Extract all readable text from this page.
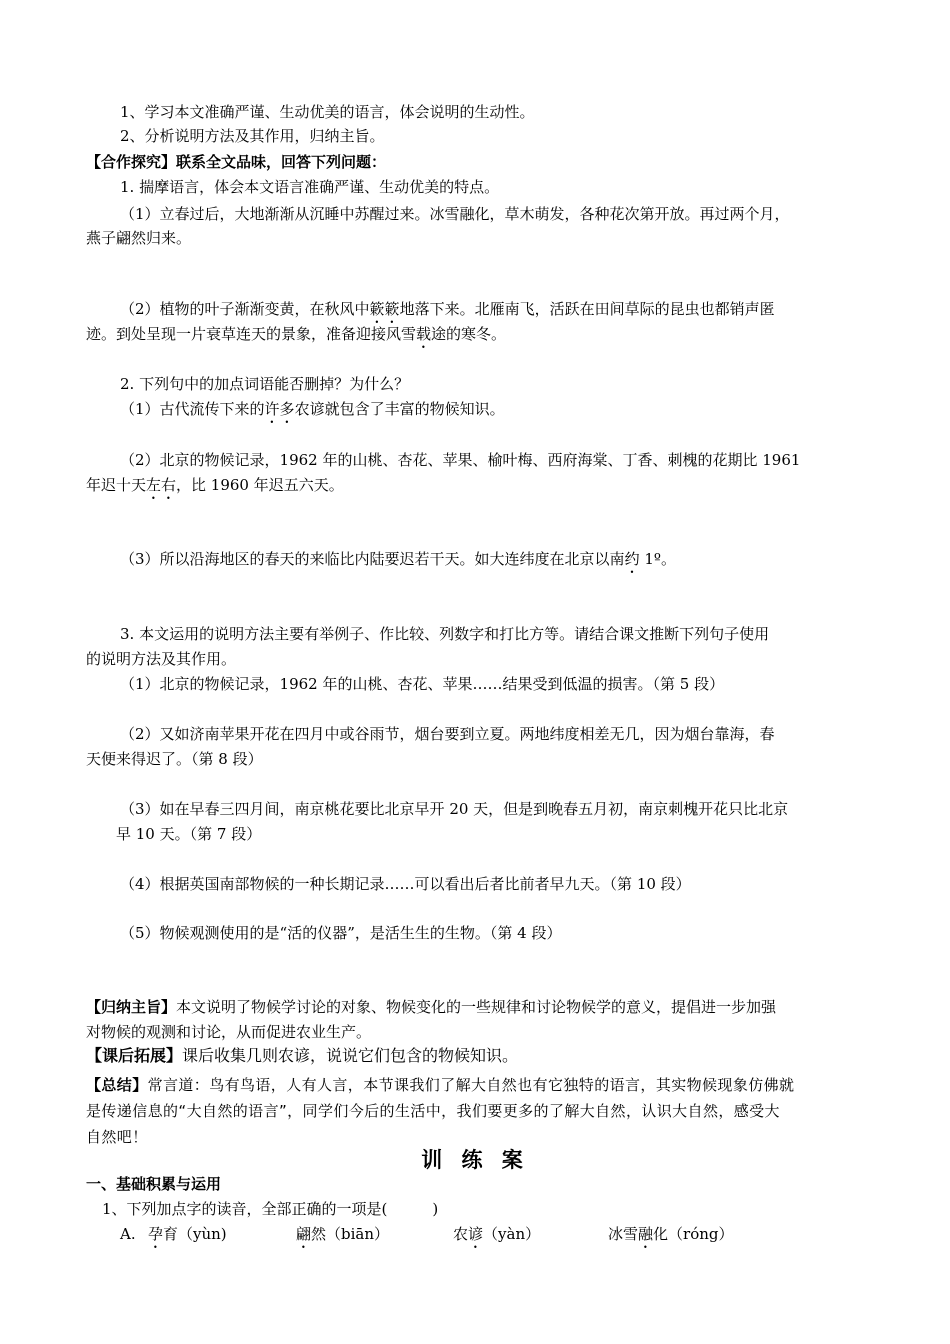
1、学习本文准确严谨、生动优美的语言，体会说明的生动性。
2、分析说明方法及其作用，归纳主旨。
【合作探究】联系全文品味，回答下列问题：
1. 揣摩语言，体会本文语言准确严谨、生动优美的特点。
（1）立春过后，大地渐渐从沉睡中苏醒过来。冰雪融化，草木萌发，各种花次第开放。再过两个月，
燕子翩然归来。
（2）植物的叶子渐渐变黄，在秋风中簌簌地落下来。北雁南飞，活跃在田间草际的昆虫也都销声匿
迹。到处呈现一片衰草连天的景象，准备迎接风雪载途的寒冬。
2. 下列句中的加点词语能否删掉？为什么？
（1）古代流传下来的许多农谚就包含了丰富的物候知识。
（2）北京的物候记录，1962 年的山桃、杏花、苹果、榆叶梅、西府海棠、丁香、刺槐的花期比 1961
年迟十天左右，比 1960 年迟五六天。
（3）所以沿海地区的春天的来临比内陆要迟若干天。如大连纬度在北京以南约 1º。
3. 本文运用的说明方法主要有举例子、作比较、列数字和打比方等。请结合课文推断下列句子使用
的说明方法及其作用。
（1）北京的物候记录，1962 年的山桃、杏花、苹果……结果受到低温的损害。（第 5 段）
（2）又如济南苹果开花在四月中或谷雨节，烟台要到立夏。两地纬度相差无几，因为烟台靠海，春
天便来得迟了。（第 8 段）
（3）如在早春三四月间，南京桃花要比北京早开 20 天，但是到晚春五月初，南京刺槐开花只比北京
早 10 天。（第 7 段）
（4）根据英国南部物候的一种长期记录……可以看出后者比前者早九天。（第 10 段）
（5）物候观测使用的是“活的仪器”，是活生生的生物。（第 4 段）
【归纳主旨】本文说明了物候学讨论的对象、物候变化的一些规律和讨论物候学的意义，提倡进一步加强
对物候的观测和讨论，从而促进农业生产。
【课后拓展】课后收集几则农谚，说说它们包含的物候知识。
【总结】常言道：鸟有鸟语，人有人言，本节课我们了解大自然也有它独特的语言，其实物候现象仿佛就
是传递信息的“大自然的语言”，同学们今后的生活中，我们要更多的了解大自然，认识大自然，感受大
自然吧！
训 练 案
一、基础积累与运用
1、下列加点字的读音，全部正确的一项是(　　　)
A. 孕育（yùn)	翩然（biān）	农谚（yàn）	冰雪融化（róng）
